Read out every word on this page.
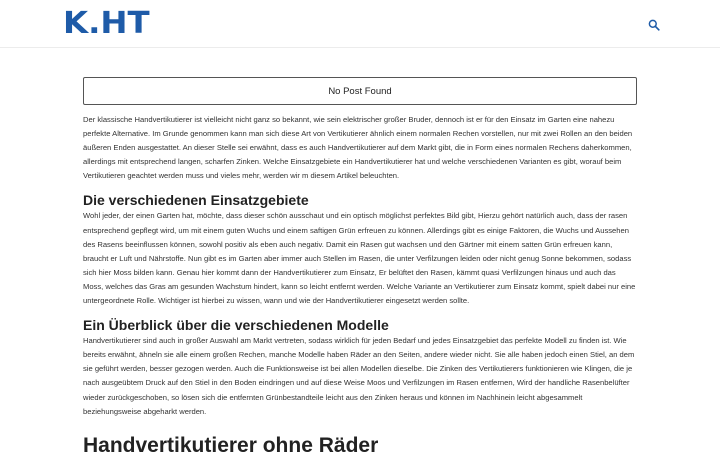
K.HT
No Post Found

Der klassische Handvertikutierer ist vielleicht nicht ganz so bekannt, wie sein elektrischer großer Bruder, dennoch ist er für den Einsatz im Garten eine nahezu perfekte Alternative. Im Grunde genommen kann man sich diese Art von Vertikutierer ähnlich einem normalen Rechen vorstellen, nur mit zwei Rollen an den beiden äußeren Enden ausgestattet. An dieser Stelle sei erwähnt, dass es auch Handvertikutierer auf dem Markt gibt, die in Form eines normalen Rechens daherkommen, allerdings mit entsprechend langen, scharfen Zinken. Welche Einsatzgebiete ein Handvertikutierer hat und welche verschiedenen Varianten es gibt, worauf beim Vertikutieren geachtet werden muss und vieles mehr, werden wir m diesem Artikel beleuchten.

Die verschiedenen Einsatzgebiete

Wohl jeder, der einen Garten hat, möchte, dass dieser schön ausschaut und ein optisch möglichst perfektes Bild gibt, Hierzu gehört natürlich auch, dass der rasen entsprechend gepflegt wird, um mit einem guten Wuchs und einem saftigen Grün erfreuen zu können. Allerdings gibt es einige Faktoren, die Wuchs und Aussehen des Rasens beeinflussen können, sowohl positiv als eben auch negativ. Damit ein Rasen gut wachsen und den Gärtner mit einem satten Grün erfreuen kann, braucht er Luft und Nährstoffe. Nun gibt es im Garten aber immer auch Stellen im Rasen, die unter Verfilzungen leiden oder nicht genug Sonne bekommen, sodass sich hier Moss bilden kann. Genau hier kommt dann der Handvertikutierer zum Einsatz, Er belüftet den Rasen, kämmt quasi Verfilzungen hinaus und auch das Moss, welches das Gras am gesunden Wachstum hindert, kann so leicht entfernt werden. Welche Variante an Vertikutierer zum Einsatz kommt, spielt dabei nur eine untergeordnete Rolle. Wichtiger ist hierbei zu wissen, wann und wie der Handvertikutierer eingesetzt werden sollte.

Ein Überblick über die verschiedenen Modelle

Handvertikutierer sind auch in großer Auswahl am Markt vertreten, sodass wirklich für jeden Bedarf und jedes Einsatzgebiet das perfekte Modell zu finden ist. Wie bereits erwähnt, ähneln sie alle einem großen Rechen, manche Modelle haben Räder an den Seiten, andere wieder nicht. Sie alle haben jedoch einen Stiel, an dem sie geführt werden, besser gezogen werden. Auch die Funktionsweise ist bei allen Modellen dieselbe. Die Zinken des Vertikutierers funktionieren wie Klingen, die je nach ausgeübtem Druck auf den Stiel in den Boden eindringen und auf diese Weise Moos und Verfilzungen im Rasen entfernen, Wird der handliche Rasenbelüfter wieder zurückgeschoben, so lösen sich die entfernten Grünbestandteile leicht aus den Zinken heraus und können im Nachhinein leicht abgesammelt beziehungsweise abgeharkt werden.

Handvertikutierer ohne Räder
